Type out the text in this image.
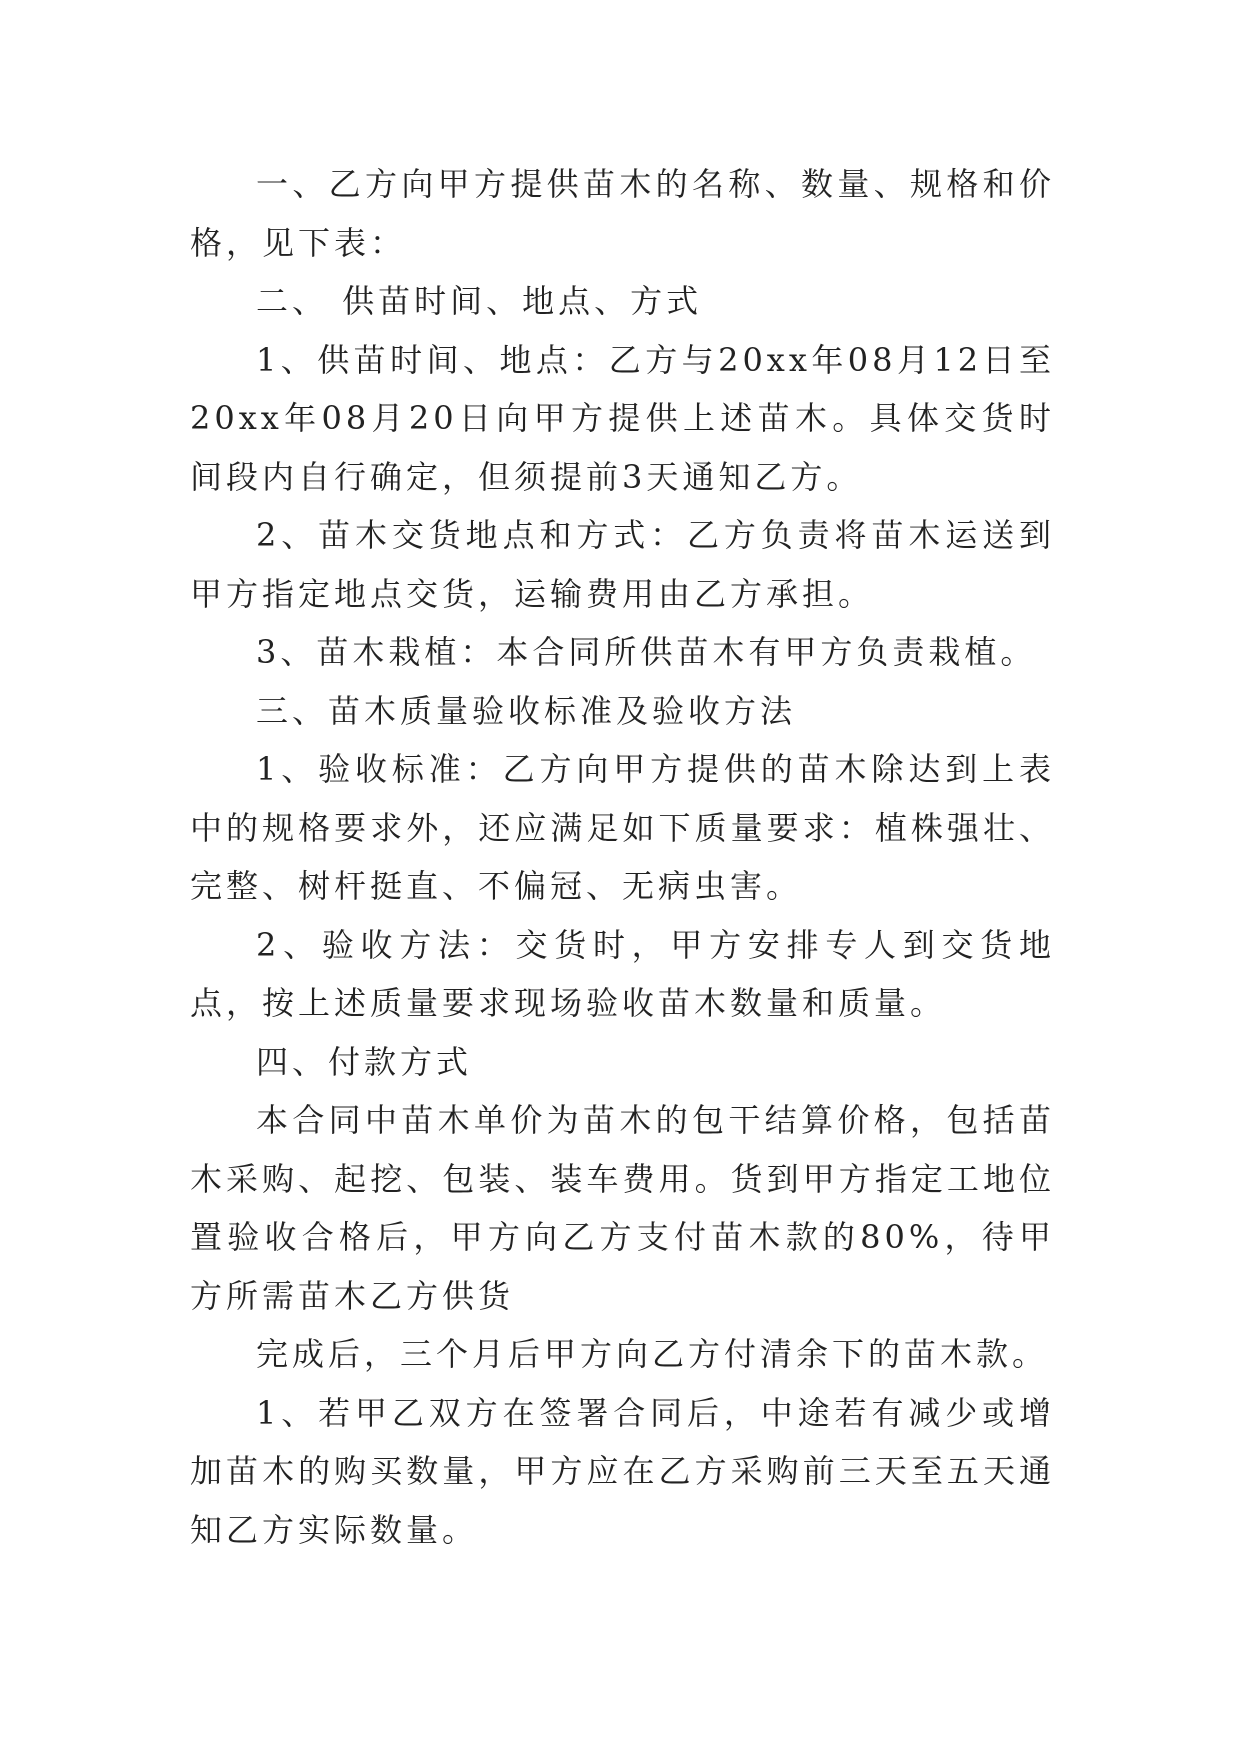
一、乙方向甲方提供苗木的名称、数量、规格和价格，见下表：

二、 供苗时间、地点、方式

1、供苗时间、地点：乙方与20xx年08月12日至20xx年08月20日向甲方提供上述苗木。具体交货时间段内自行确定，但须提前3天通知乙方。

2、苗木交货地点和方式：乙方负责将苗木运送到甲方指定地点交货，运输费用由乙方承担。

3、苗木栽植：本合同所供苗木有甲方负责栽植。

三、苗木质量验收标准及验收方法

1、验收标准：乙方向甲方提供的苗木除达到上表中的规格要求外，还应满足如下质量要求：植株强壮、完整、树杆挺直、不偏冠、无病虫害。

2、验收方法：交货时，甲方安排专人到交货地点，按上述质量要求现场验收苗木数量和质量。

四、付款方式

本合同中苗木单价为苗木的包干结算价格，包括苗木采购、起挖、包装、装车费用。货到甲方指定工地位置验收合格后，甲方向乙方支付苗木款的80%，待甲方所需苗木乙方供货

完成后，三个月后甲方向乙方付清余下的苗木款。

1、若甲乙双方在签署合同后，中途若有减少或增加苗木的购买数量，甲方应在乙方采购前三天至五天通知乙方实际数量。
